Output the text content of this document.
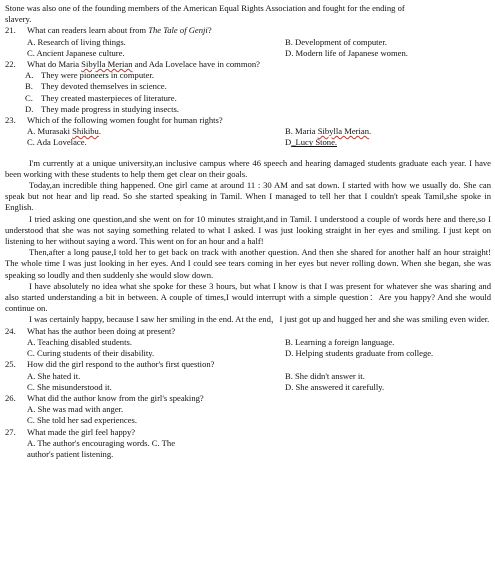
Stone was also one of the founding members of the American Equal Rights Association and fought for the ending of
slavery.
21.	What can readers learn about from The Tale of Genji?
A. Research of living things.	B. Development of computer.
C. Ancient Japanese culture.	D. Modern life of Japanese women.
22.	What do Maria Sibylla Merian and Ada Lovelace have in common?
A. They were pioneers in computer.
B. They devoted themselves in science.
C. They created masterpieces of literature.
D. They made progress in studying insects.
23.	Which of the following women fought for human rights?
A. Murasaki Shikibu.	B. Maria Sibylla Merian.
C. Ada Lovelace.	D_Lucy Stone.

I'm currently at a unique university,an inclusive campus where 46 speech and hearing damaged students graduate each year. I have been working with these students to help them get clear on their goals.

Today,an incredible thing happened. One girl came at around 11 : 30 AM and sat down. I started with how we usually do. She can speak but not hear and lip read. So she started speaking in Tamil. When I managed to tell her that I couldn't speak Tamil,she spoke in English.

I tried asking one question,and she went on for 10 minutes straight,and in Tamil. I understood a couple of words here and there,so I understood that she was not saying something related to what I asked. I was just looking straight in her eyes and smiling. I just kept on listening to her without saying a word. This went on for an hour and a half!

Then,after a long pause,I told her to get back on track with another question. And then she shared for another half an hour straight! The whole time I was just looking in her eyes. And I could see tears coming in her eyes but never rolling down. When she began, she was speaking so loudly and then suddenly she would slow down.

I have absolutely no idea what she spoke for these 3 hours, but what I know is that I was present for whatever she was sharing and also started understanding a bit in between. A couple of times,I would interrupt with a simple question：Are you happy? And she would continue on.

I was certainly happy, because I saw her smiling in the end. At the end，I just got up and hugged her and she was smiling even wider.

24.	What has the author been doing at present?
A. Teaching disabled students.	B. Learning a foreign language.
C. Curing students of their disability.	D. Helping students graduate from college.
25.	How did the girl respond to the author's first question?
A. She hated it.	B. She didn't answer it.
C. She misunderstood it.	D. She answered it carefully.
26.	What did the author know from the girl's speaking?
A. She was mad with anger.
C. She told her sad experiences.
27.	What made the girl feel happy?
A. The author's encouraging words. C. The
author's patient listening.
